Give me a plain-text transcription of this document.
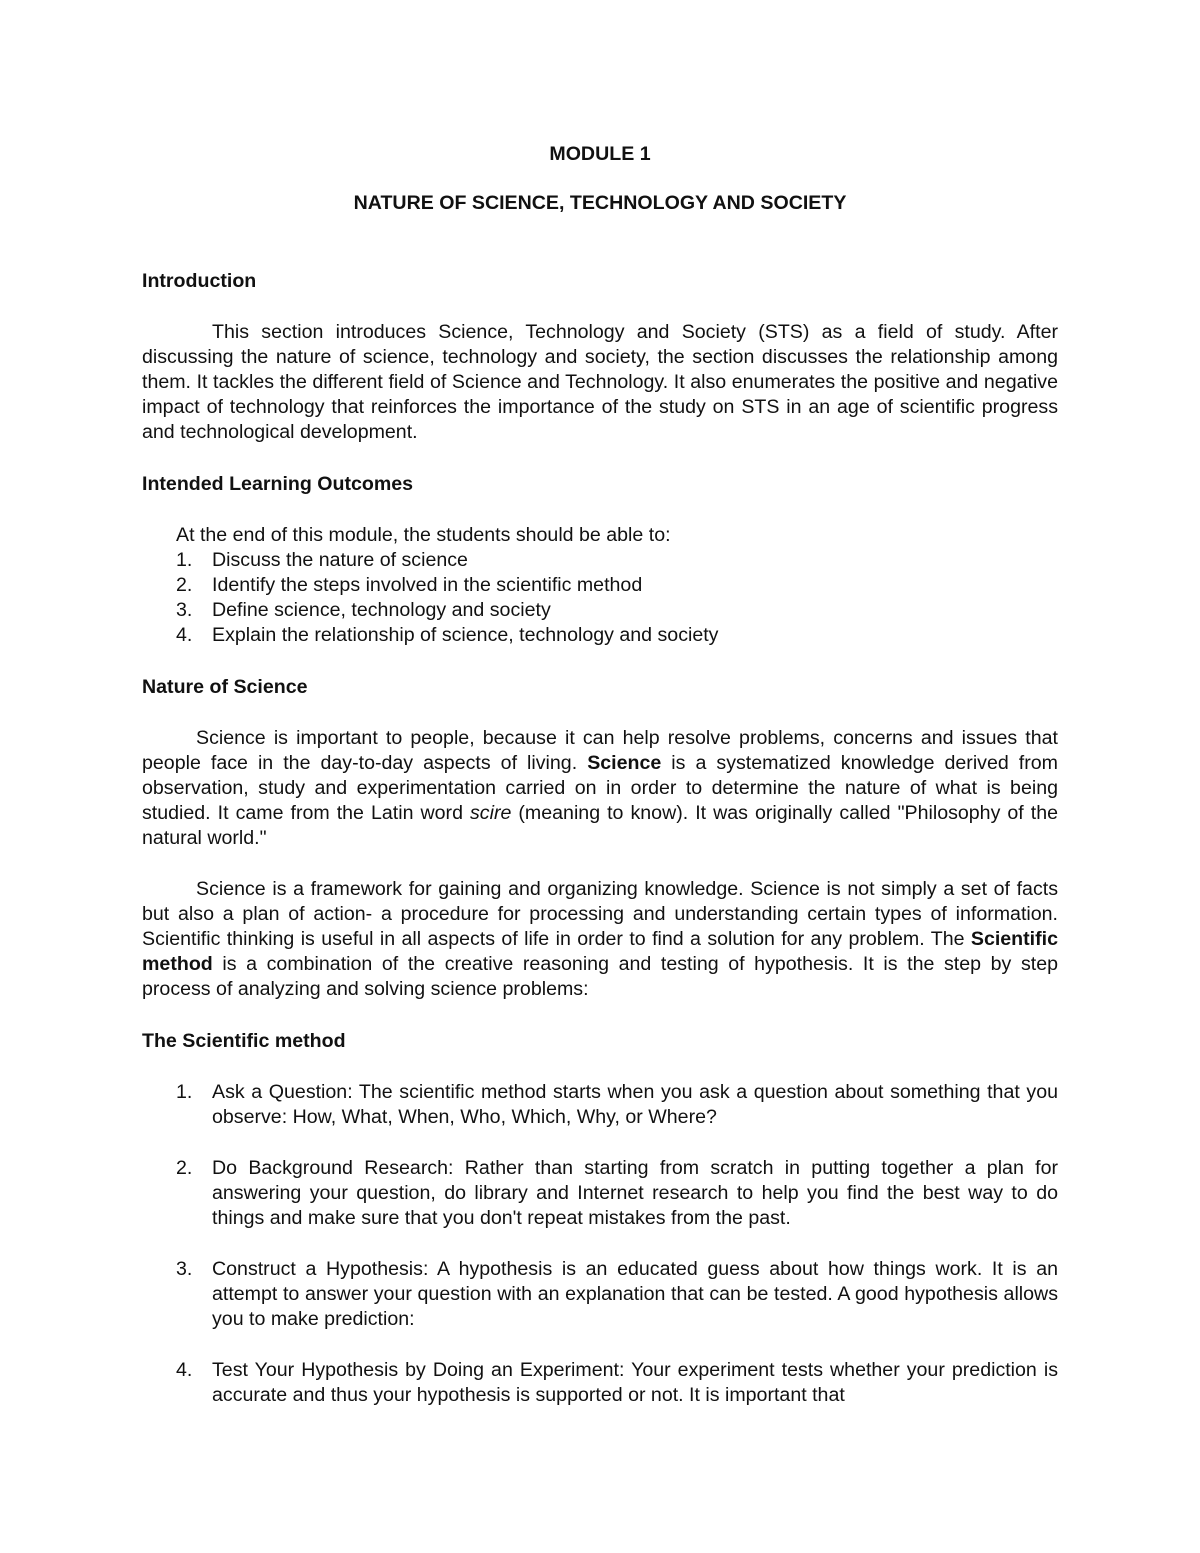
MODULE 1

NATURE OF SCIENCE, TECHNOLOGY AND SOCIETY

Introduction

This section introduces Science, Technology and Society (STS) as a field of study. After discussing the nature of science, technology and society, the section discusses the relationship among them. It tackles the different field of Science and Technology. It also enumerates the positive and negative impact of technology that reinforces the importance of the study on STS in an age of scientific progress and technological development.

Intended Learning Outcomes

At the end of this module, the students should be able to:

1. Discuss the nature of science
2. Identify the steps involved in the scientific method
3. Define science, technology and society
4. Explain the relationship of science, technology and society
Nature of Science

Science is important to people, because it can help resolve problems, concerns and issues that people face in the day-to-day aspects of living. Science is a systematized knowledge derived from observation, study and experimentation carried on in order to determine the nature of what is being studied. It came from the Latin word scire (meaning to know). It was originally called "Philosophy of the natural world."

Science is a framework for gaining and organizing knowledge. Science is not simply a set of facts but also a plan of action- a procedure for processing and understanding certain types of information. Scientific thinking is useful in all aspects of life in order to find a solution for any problem. The Scientific method is a combination of the creative reasoning and testing of hypothesis. It is the step by step process of analyzing and solving science problems:

The Scientific method
1. Ask a Question: The scientific method starts when you ask a question about something that you observe: How, What, When, Who, Which, Why, or Where?
2. Do Background Research: Rather than starting from scratch in putting together a plan for answering your question, do library and Internet research to help you find the best way to do things and make sure that you don't repeat mistakes from the past.
3. Construct a Hypothesis: A hypothesis is an educated guess about how things work. It is an attempt to answer your question with an explanation that can be tested. A good hypothesis allows you to make prediction:
4. Test Your Hypothesis by Doing an Experiment: Your experiment tests whether your prediction is accurate and thus your hypothesis is supported or not. It is important that
